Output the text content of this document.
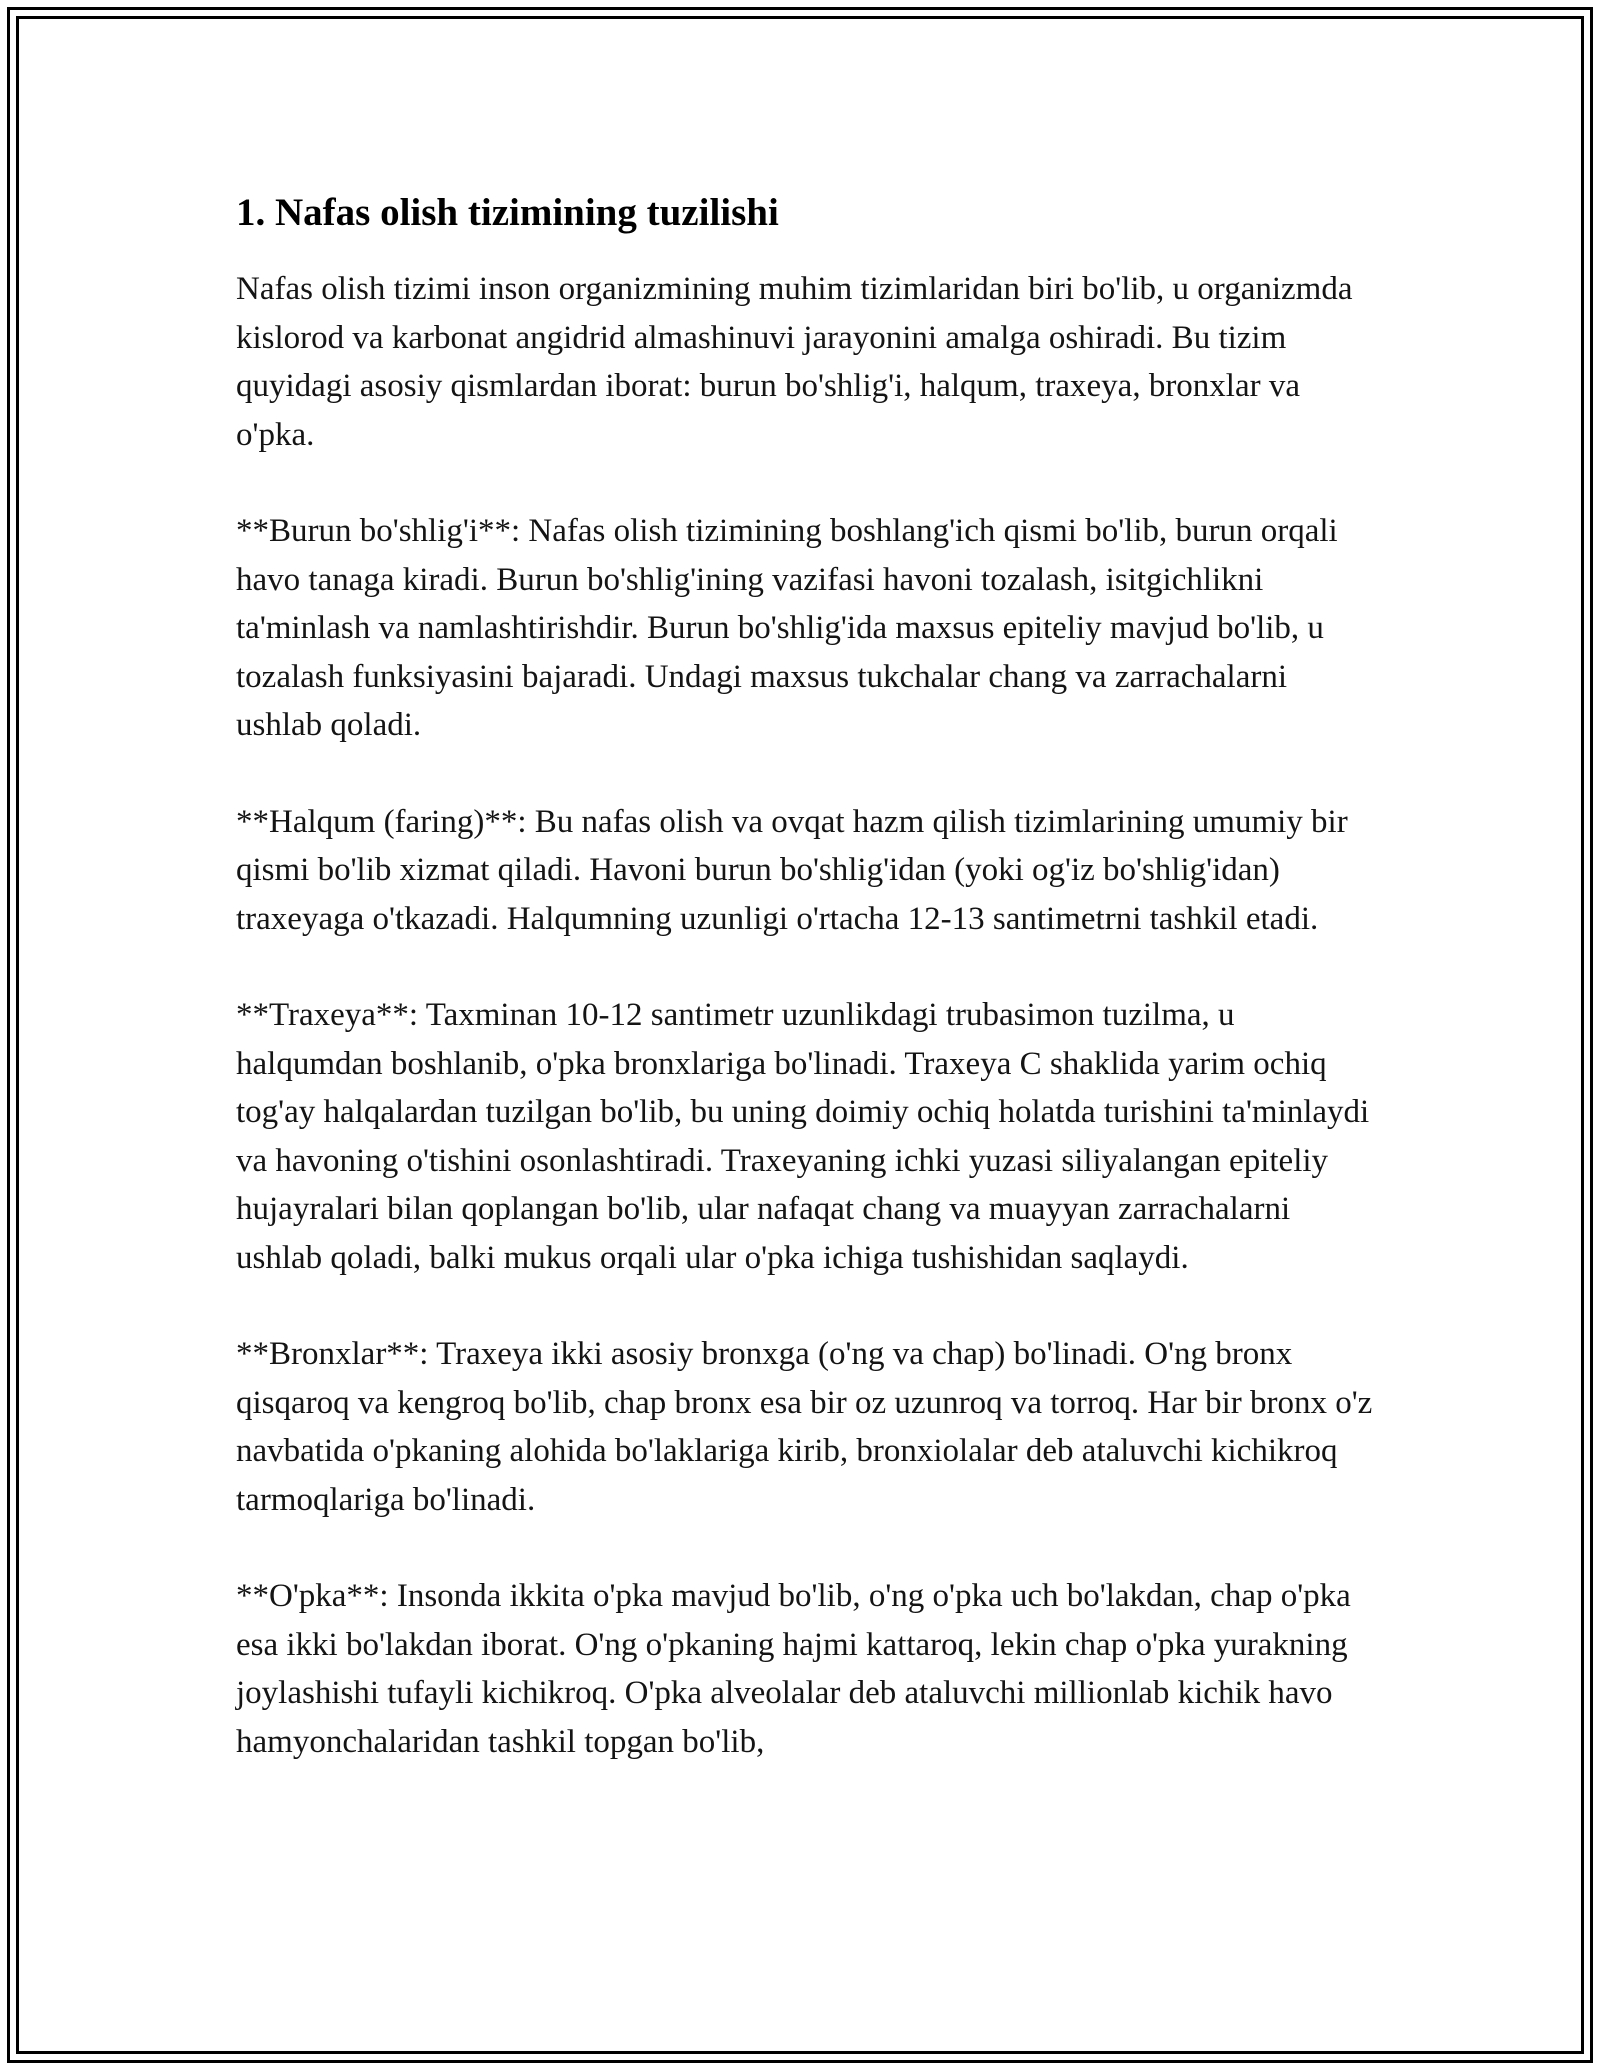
1. Nafas olish tizimining tuzilishi

Nafas olish tizimi inson organizmining muhim tizimlaridan biri bo'lib, u organizmda kislorod va karbonat angidrid almashinuvi jarayonini amalga oshiradi. Bu tizim quyidagi asosiy qismlardan iborat: burun bo'shlig'i, halqum, traxeya, bronxlar va o'pka.

**Burun bo'shlig'i**: Nafas olish tizimining boshlang'ich qismi bo'lib, burun orqali havo tanaga kiradi. Burun bo'shlig'ining vazifasi havoni tozalash, isitgichlikni ta'minlash va namlashtirishdir. Burun bo'shlig'ida maxsus epiteliy mavjud bo'lib, u tozalash funksiyasini bajaradi. Undagi maxsus tukchalar chang va zarrachalarni ushlab qoladi.

**Halqum (faring)**: Bu nafas olish va ovqat hazm qilish tizimlarining umumiy bir qismi bo'lib xizmat qiladi. Havoni burun bo'shlig'idan (yoki og'iz bo'shlig'idan) traxeyaga o'tkazadi. Halqumning uzunligi o'rtacha 12-13 santimetrni tashkil etadi.

**Traxeya**: Taxminan 10-12 santimetr uzunlikdagi trubasimon tuzilma, u halqumdan boshlanib, o'pka bronxlariga bo'linadi. Traxeya C shaklida yarim ochiq tog'ay halqalardan tuzilgan bo'lib, bu uning doimiy ochiq holatda turishini ta'minlaydi va havoning o'tishini osonlashtiradi. Traxeyaning ichki yuzasi siliyalangan epiteliy hujayralari bilan qoplangan bo'lib, ular nafaqat chang va muayyan zarrachalarni ushlab qoladi, balki mukus orqali ular o'pka ichiga tushishidan saqlaydi.

**Bronxlar**: Traxeya ikki asosiy bronxga (o'ng va chap) bo'linadi. O'ng bronx qisqaroq va kengroq bo'lib, chap bronx esa bir oz uzunroq va torroq. Har bir bronx o'z navbatida o'pkaning alohida bo'laklariga kirib, bronxiolalar deb ataluvchi kichikroq tarmoqlariga bo'linadi.

**O'pka**: Insonda ikkita o'pka mavjud bo'lib, o'ng o'pka uch bo'lakdan, chap o'pka esa ikki bo'lakdan iborat. O'ng o'pkaning hajmi kattaroq, lekin chap o'pka yurakning joylashishi tufayli kichikroq. O'pka alveolalar deb ataluvchi millionlab kichik havo hamyonchalaridan tashkil topgan bo'lib,
